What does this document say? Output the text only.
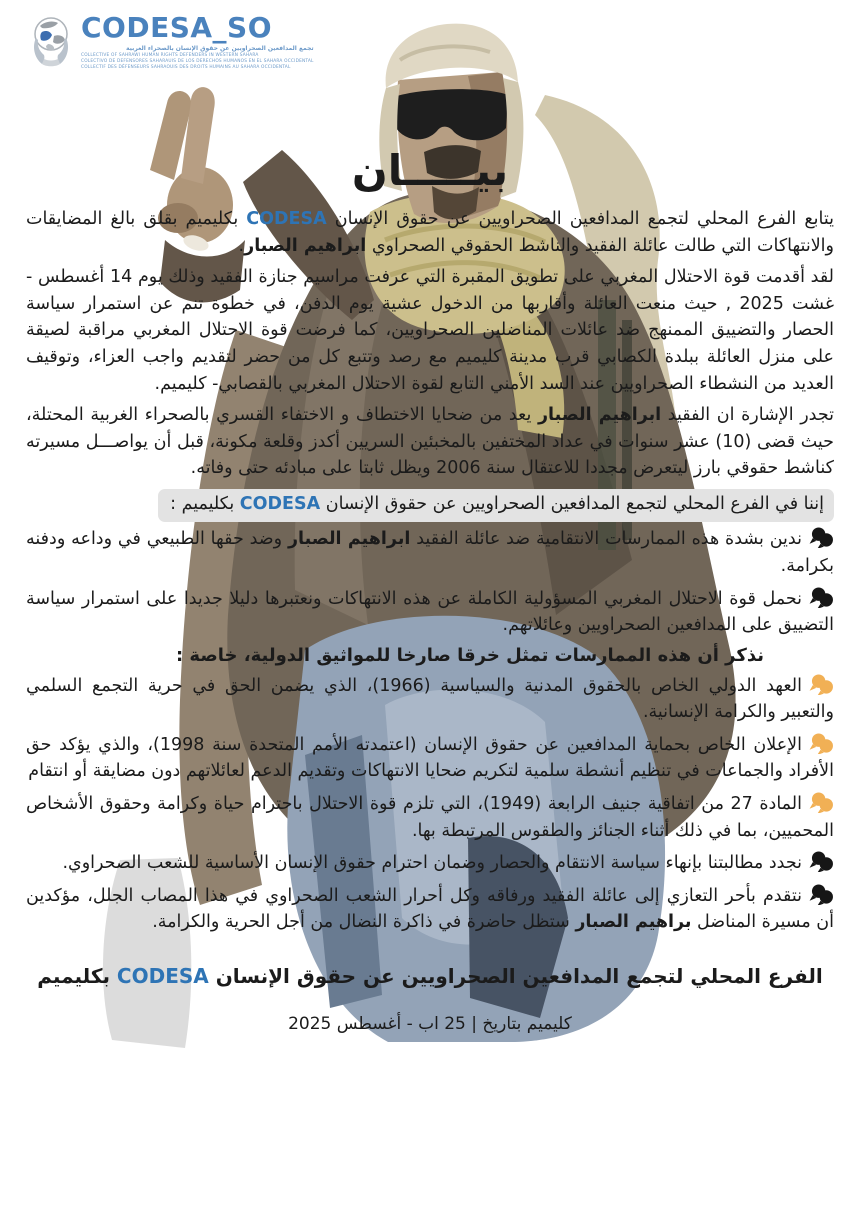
CODESA_SO
تجمع المدافعين الصحراويين عن حقوق الإنسان بالصحراء الغربية
COLLECTIVE OF SAHRAWI HUMAN RIGHTS DEFENDERS IN WESTERN SAHARA
COLECTIVO DE DEFENSORES SAHARAUIS DE LOS DERECHOS HUMANOS EN EL SAHARA OCCIDENTAL
COLLECTIF DES DÉFENSEURS SAHRAOUIS DES DROITS HUMAINS AU SAHARA OCCIDENTAL
بيـــــان

يتابع الفرع المحلي لتجمع المدافعين الصحراويين عن حقوق الإنسان CODESA بكليميم بقلق بالغ المضايقات والانتهاكات التي طالت عائلة الفقيد والناشط الحقوقي الصحراوي ابراهيم الصبار.

لقد أقدمت قوة الاحتلال المغربي على تطويق المقبرة التي عرفت مراسيم جنازة الفقيد وذلك يوم 14 أغسطس - غشت 2025 , حيث منعت العائلة وأقاربها من الدخول عشية يوم الدفن، في خطوة تنم عن استمرار سياسة الحصار والتضييق الممنهج ضد عائلات المناضلين الصحراويين، كما فرضت قوة الاحتلال المغربي مراقبة لصيقة على منزل العائلة ببلدة الكصابي قرب مدينة كليميم مع رصد وتتبع كل من حضر لتقديم واجب العزاء، وتوقيف العديد من النشطاء الصحراويين عند السد الأمني التابع لقوة الاحتلال المغربي بالقصابي- كليميم.

تجدر الإشارة ان الفقيد ابراهيم الصبار يعد من ضحايا الاختطاف و الاختفاء القسري بالصحراء الغربية المحتلة، حيث قضى (10) عشر سنوات في عداد المختفين بالمخبئين السريين أكدز وقلعة مكونة، قبل أن يواصـــل مسيرته كناشط حقوقي بارز ليتعرض مجددا للاعتقال سنة 2006 ويظل ثابتا على مبادئه حتى وفاته.

إننا في الفرع المحلي لتجمع المدافعين الصحراويين عن حقوق الإنسان CODESA بكليميم :

ندين بشدة هذه الممارسات الانتقامية ضد عائلة الفقيد ابراهيم الصبار وضد حقها الطبيعي في وداعه ودفنه بكرامة.

نحمل قوة الاحتلال المغربي المسؤولية الكاملة عن هذه الانتهاكات ونعتبرها دليلا جديدا على استمرار سياسة التضييق على المدافعين الصحراويين وعائلاتهم.

نذكر أن هذه الممارسات تمثل خرقا صارخا للمواثيق الدولية، خاصة :

العهد الدولي الخاص بالحقوق المدنية والسياسية (1966)، الذي يضمن الحق في حرية التجمع السلمي والتعبير والكرامة الإنسانية.

الإعلان الخاص بحماية المدافعين عن حقوق الإنسان (اعتمدته الأمم المتحدة سنة 1998)، والذي يؤكد حق الأفراد والجماعات في تنظيم أنشطة سلمية لتكريم ضحايا الانتهاكات وتقديم الدعم لعائلاتهم دون مضايقة أو انتقام

المادة 27 من اتفاقية جنيف الرابعة (1949)، التي تلزم قوة الاحتلال باحترام حياة وكرامة وحقوق الأشخاص المحميين، بما في ذلك أثناء الجنائز والطقوس المرتبطة بها.

نجدد مطالبتنا بإنهاء سياسة الانتقام والحصار وضمان احترام حقوق الإنسان الأساسية للشعب الصحراوي.

نتقدم بأحر التعازي إلى عائلة الفقيد ورفاقه وكل أحرار الشعب الصحراوي في هذا المصاب الجلل، مؤكدين أن مسيرة المناضل براهيم الصبار ستظل حاضرة في ذاكرة النضال من أجل الحرية والكرامة.

الفرع المحلي لتجمع المدافعين الصحراويين عن حقوق الإنسان CODESA بكليميم
كليميم بتاريخ | 25 اب - أغسطس 2025
